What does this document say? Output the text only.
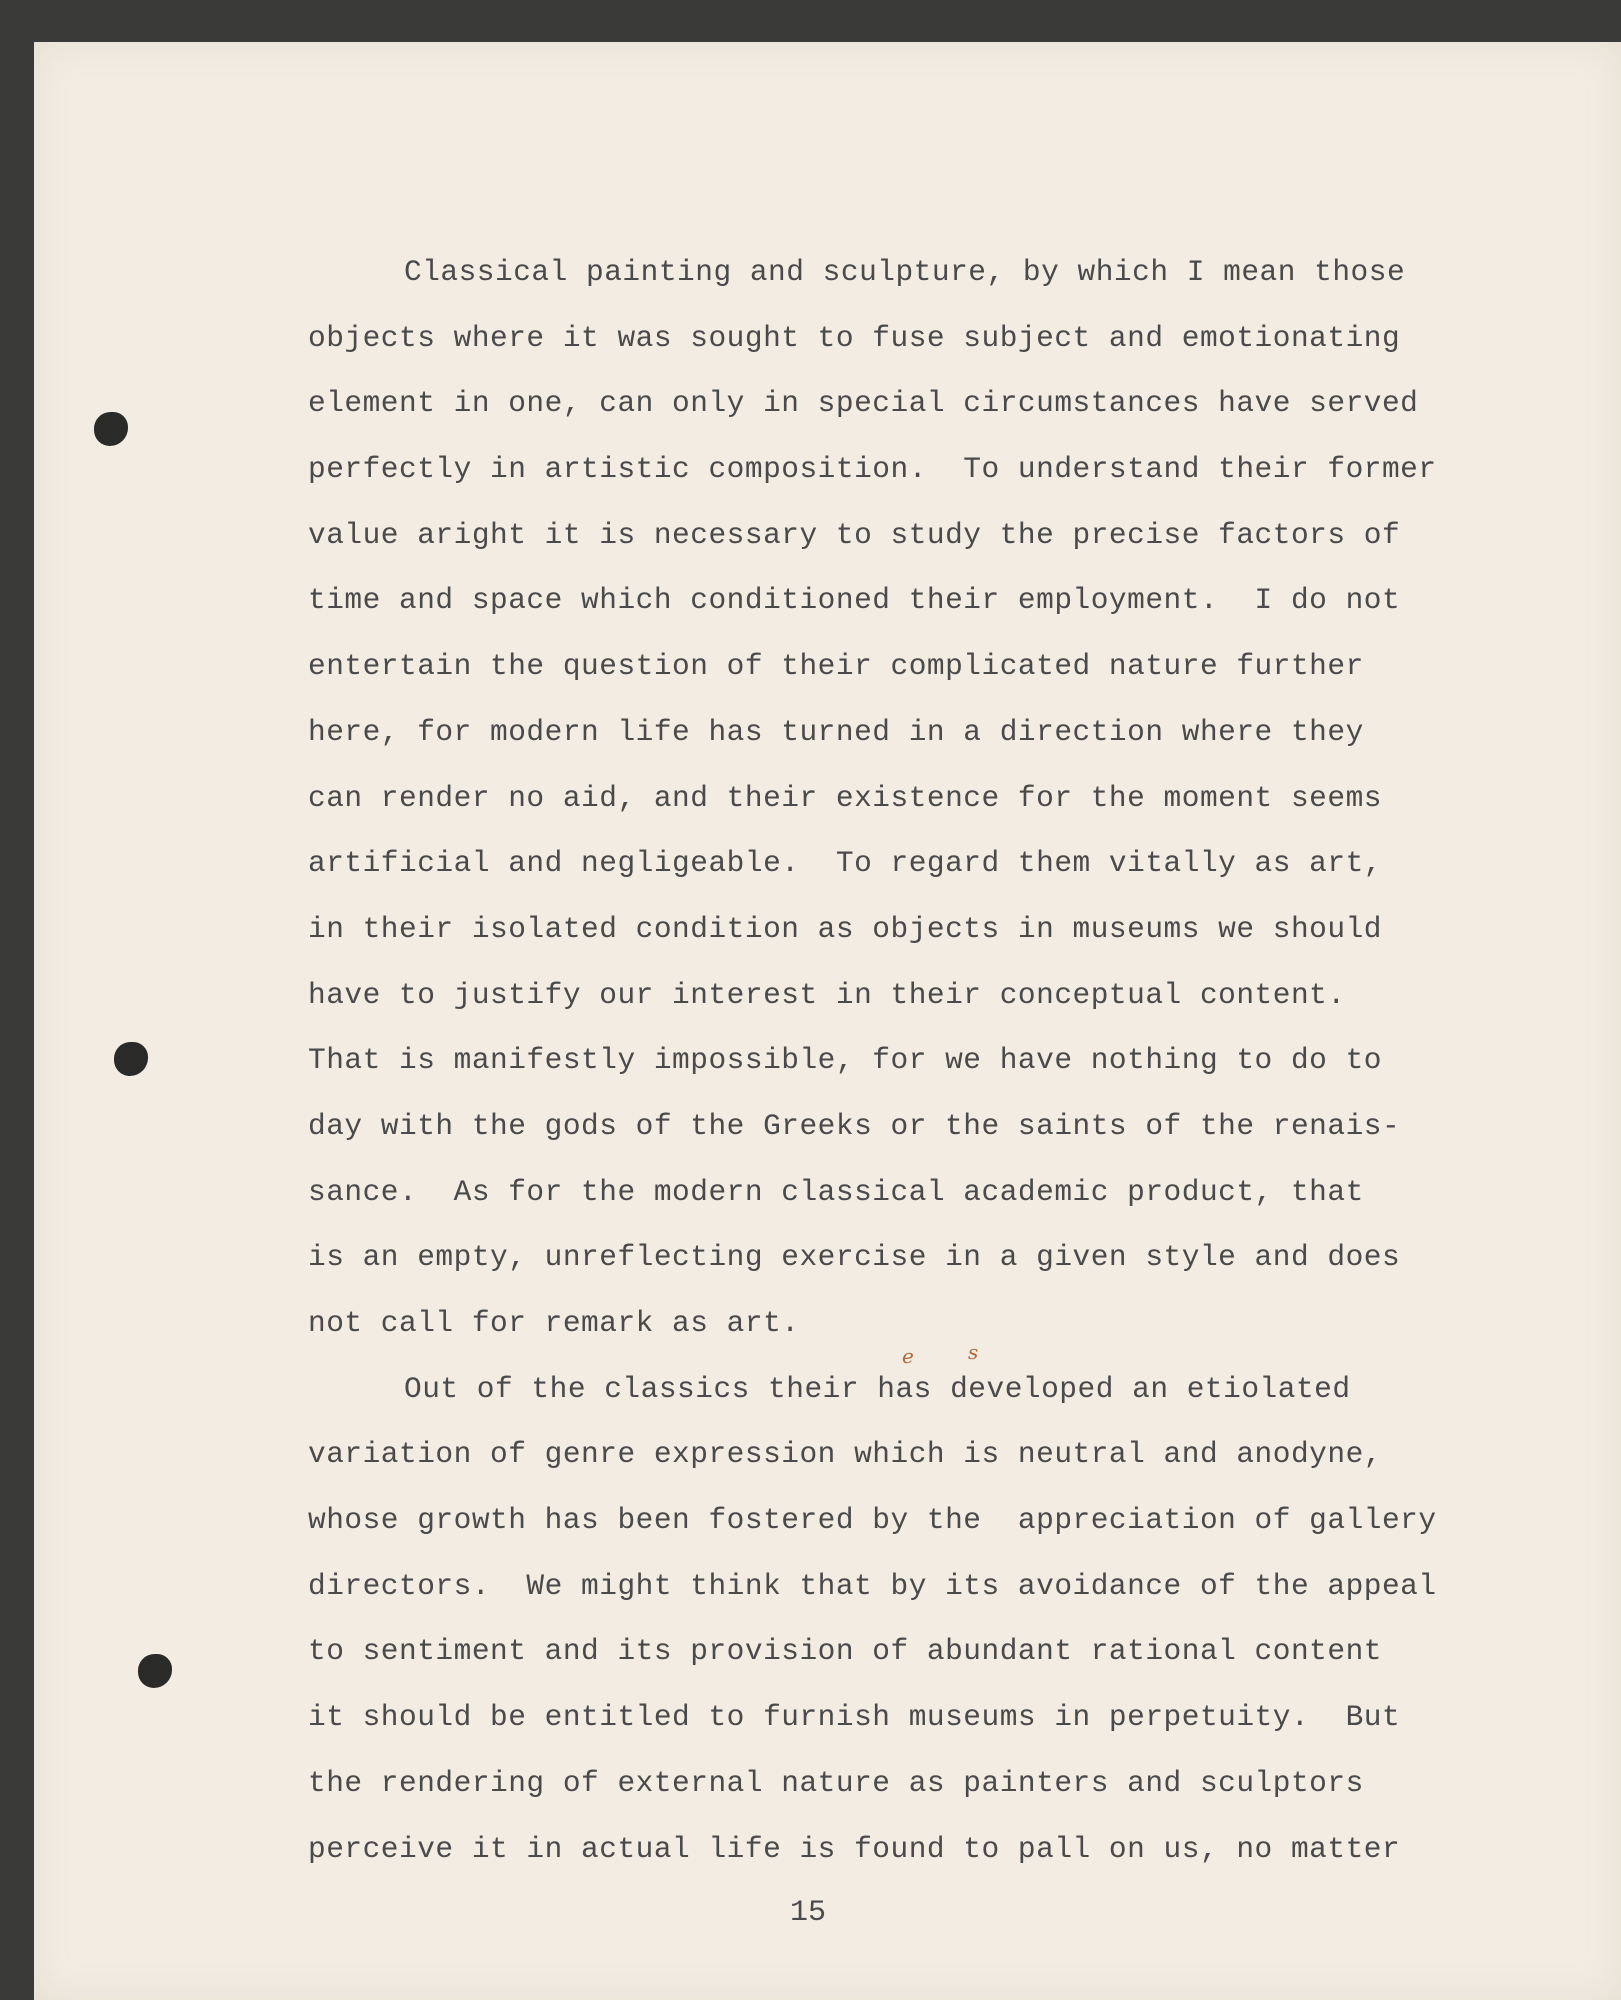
Classical painting and sculpture, by which I mean those
objects where it was sought to fuse subject and emotionating
element in one, can only in special circumstances have served
perfectly in artistic composition.  To understand their former
value aright it is necessary to study the precise factors of
time and space which conditioned their employment.  I do not
entertain the question of their complicated nature further
here, for modern life has turned in a direction where they
can render no aid, and their existence for the moment seems
artificial and negligeable.  To regard them vitally as art,
in their isolated condition as objects in museums we should
have to justify our interest in their conceptual content.
That is manifestly impossible, for we have nothing to do to
day with the gods of the Greeks or the saints of the renais-
sance.  As for the modern classical academic product, that
is an empty, unreflecting exercise in a given style and does
not call for remark as art.
Out of the classics their has developed an etiolated
variation of genre expression which is neutral and anodyne,
whose growth has been fostered by the  appreciation of gallery
directors.  We might think that by its avoidance of the appeal
to sentiment and its provision of abundant rational content
it should be entitled to furnish museums in perpetuity.  But
the rendering of external nature as painters and sculptors
perceive it in actual life is found to pall on us, no matter
e	s
15
